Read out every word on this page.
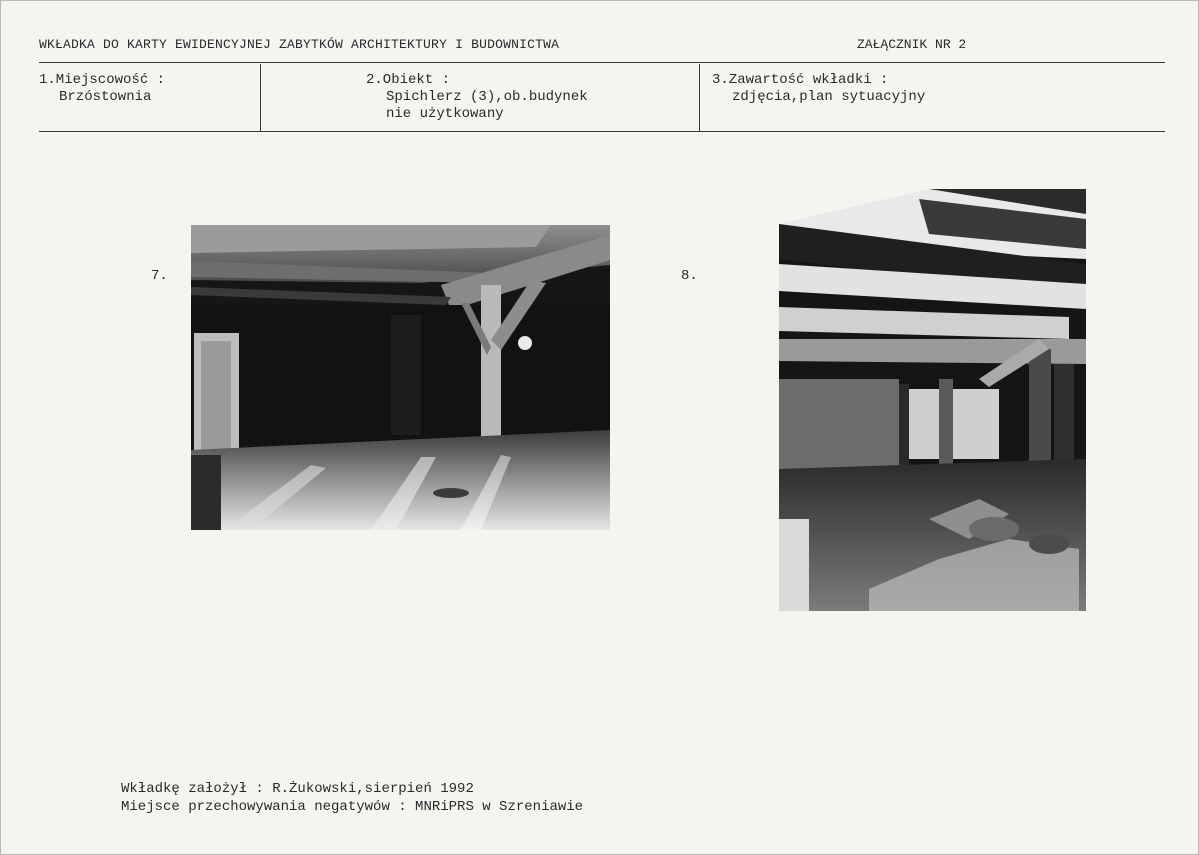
WKŁADKA DO KARTY EWIDENCYJNEJ ZABYTKÓW ARCHITEKTURY I BUDOWNICTWA	ZAŁĄCZNIK NR 2
1.Miejscowość :
Brzóstownia
2.Obiekt :
Spichlerz (3),ob.budynek
nie użytkowany
3.Zawartość wkładki :
zdjęcia,plan sytuacyjny
7.	8.
Wkładkę założył : R.Żukowski,sierpień 1992
Miejsce przechowywania negatywów : MNRiPRS w Szreniawie
